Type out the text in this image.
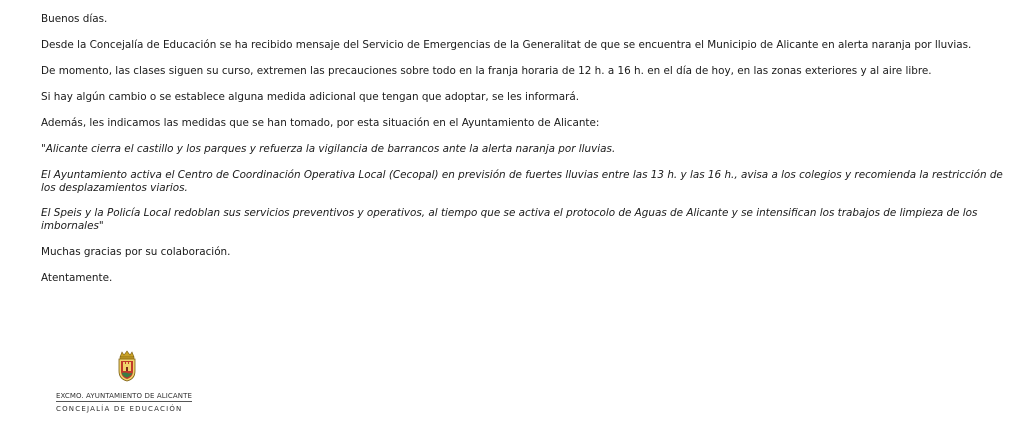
Buenos días.

Desde la Concejalía de Educación se ha recibido mensaje del Servicio de Emergencias de la Generalitat de que se encuentra el Municipio de Alicante en alerta naranja por lluvias.

De momento, las clases siguen su curso, extremen las precauciones sobre todo en la franja horaria de 12 h. a 16 h. en el día de hoy, en las zonas exteriores y al aire libre.

Si hay algún cambio o se establece alguna medida adicional que tengan que adoptar, se les informará.

Además, les indicamos las medidas que se han tomado, por esta situación en el Ayuntamiento de Alicante:

"Alicante cierra el castillo y los parques y refuerza la vigilancia de barrancos ante la alerta naranja por lluvias.

El Ayuntamiento activa el Centro de Coordinación Operativa Local (Cecopal) en previsión de fuertes lluvias entre las 13 h. y las 16 h., avisa a los colegios y recomienda la restricción de los desplazamientos viarios.

El Speis y la Policía Local redoblan sus servicios preventivos y operativos, al tiempo que se activa el protocolo de Aguas de Alicante y se intensifican los trabajos de limpieza de los imbornales"

Muchas gracias por su colaboración.

Atentamente.

EXCMO. AYUNTAMIENTO DE ALICANTE
CONCEJALÍA DE EDUCACIÓN
